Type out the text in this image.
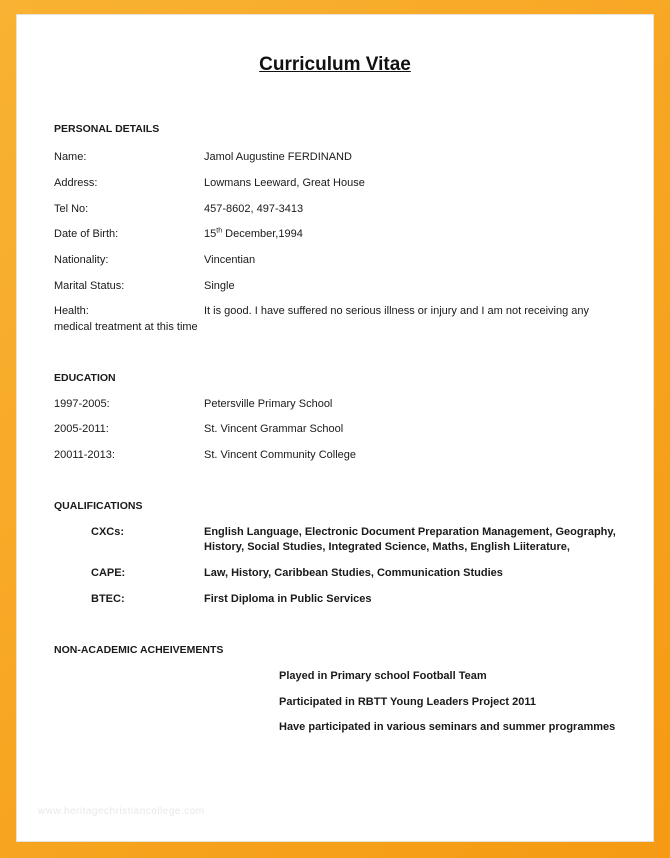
Curriculum Vitae
PERSONAL DETAILS
Name:	Jamol Augustine FERDINAND
Address:	Lowmans Leeward, Great House
Tel No:	457-8602, 497-3413
Date of Birth:	15th December,1994
Nationality:	Vincentian
Marital Status:	Single
Health:	It is good. I have suffered no serious illness or injury and I am not receiving any
medical treatment at this time
EDUCATION
1997-2005:	Petersville Primary School
2005-2011:	St. Vincent Grammar School
20011-2013:	St. Vincent Community College
QUALIFICATIONS
CXCs:	English Language, Electronic Document Preparation Management, Geography,
History, Social Studies, Integrated Science, Maths, English Liiterature,
CAPE:	Law, History, Caribbean Studies, Communication Studies
BTEC:	First Diploma in Public Services
NON-ACADEMIC ACHEIVEMENTS
Played in Primary school Football Team
Participated in RBTT Young Leaders Project 2011
Have participated in various seminars and summer programmes
www.heritagechristiancollege.com
